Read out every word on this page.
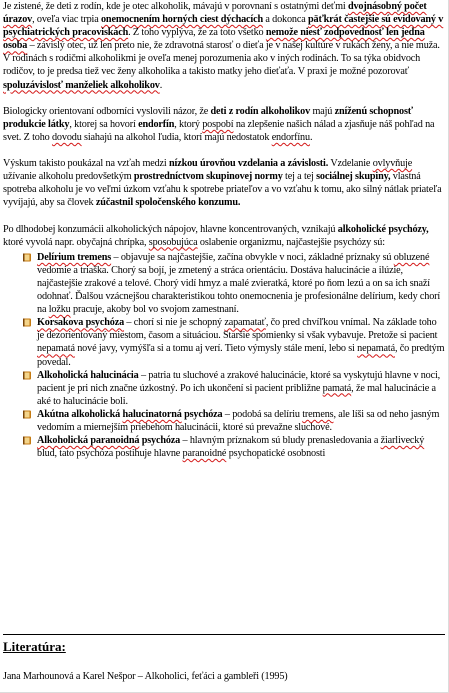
Je zistené, že deti z rodín, kde je otec alkoholik, mávajú v porovnaní s ostatnými deťmi dvojnásobný počet úrazov, oveľa viac trpia onemocnením horných ciest dýchacích a dokonca päťkrát častejšie sú evidovaný v psychiatrických pracoviskách. Z toho vyplýva, že za toto všetko nemože niesť zodpovednosť len jedna osoba – závislý otec, už len preto nie, že zdravotná starosť o dieťa je v našej kultúre v rukách ženy, a nie muža. V rodinách s rodičmi alkoholikmi je oveľa menej porozumenia ako v iných rodinách. To sa týka obidvoch rodičov, to je predsa tiež vec ženy alkoholika a takisto matky jeho dieťaťa. V praxi je možné pozorovať spoluzávislosť manželiek alkoholikov.

Biologicky orientovaní odborníci vyslovili názor, že deti z rodín alkoholikov majú zníženú schopnosť produkcie látky, ktorej sa hovorí endorfín, ktorý pospobí na zlepšenie našich nálad a zjasňuje náš pohľad na svet. Z toho dovodu siahajú na alkohol ľudia, ktorí majú nedostatok endorfínu.

Výskum takisto poukázal na vzťah medzi nízkou úrovňou vzdelania a závislosti. Vzdelanie ovlyvňuje užívanie alkoholu predovšetkým prostredníctvom skupinovej normy tej a tej sociálnej skupiny, vlastná spotreba alkoholu je vo veľmi úzkom vzťahu k spotrebe priateľov a vo vzťahu k tomu, ako silný nátlak priateľa vyvíjajú, aby sa človek zúčastnil spoločenského konzumu.

Po dlhodobej konzumácii alkoholických nápojov, hlavne koncentrovaných, vznikajú alkoholické psychózy, ktoré vyvolá napr. obyčajná chrípka, sposobujúca oslabenie organizmu, najčastejšie psychózy sú:

Delírium tremens – objavuje sa najčastejšie, začína obvykle v noci, základné príznaky sú obluzené vedomie a triaška. Chorý sa bojí, je zmetený a stráca orientáciu. Dostáva halucinácie a ilúzie, najčastejšie zrakové a telové. Chorý vidí hmyz a malé zvieratká, ktoré po ňom lezú a on sa ich snaží odohnať. Ďalšou vzácnejšou charakteristikou tohto onemocnenia je profesionálne delírium, kedy chorí na ložku pracuje, akoby bol vo svojom zamestnaní.
Korsakova psychóza – chorí si nie je schopný zapamatať, čo pred chvíľkou vnímal. Na základe toho je dezorientovaný miestom, časom a situáciou. Staršie spomienky si však vybavuje. Pretože si pacient nepamatá nové javy, vymýšľa si a tomu aj verí. Tieto výmysly stále mení, lebo si nepamatá, čo predtým povedal.
Alkoholická halucinácia – patria tu sluchové a zrakové halucinácie, ktoré sa vyskytujú hlavne v noci, pacient je pri nich značne úzkostný. Po ich ukončení si pacient približne pamatá, že mal halucinácie a aké to halucinácie boli.
Akútna alkoholická halucinatorná psychóza – podobá sa delíriu tremens, ale líši sa od neho jasným vedomím a miernejším priebehom halucinácii, ktoré sú prevažne sluchové.
Alkoholická paranoidná psychóza – hlavným príznakom sú bludy prenasledovania a žiarlivecký blud, tato psychóza postihuje hlavne paranoidné psychopatické osobnosti
Literatúra:
Jana Marhounová a Karel Nešpor – Alkoholici, feťáci a gambleři (1995)
